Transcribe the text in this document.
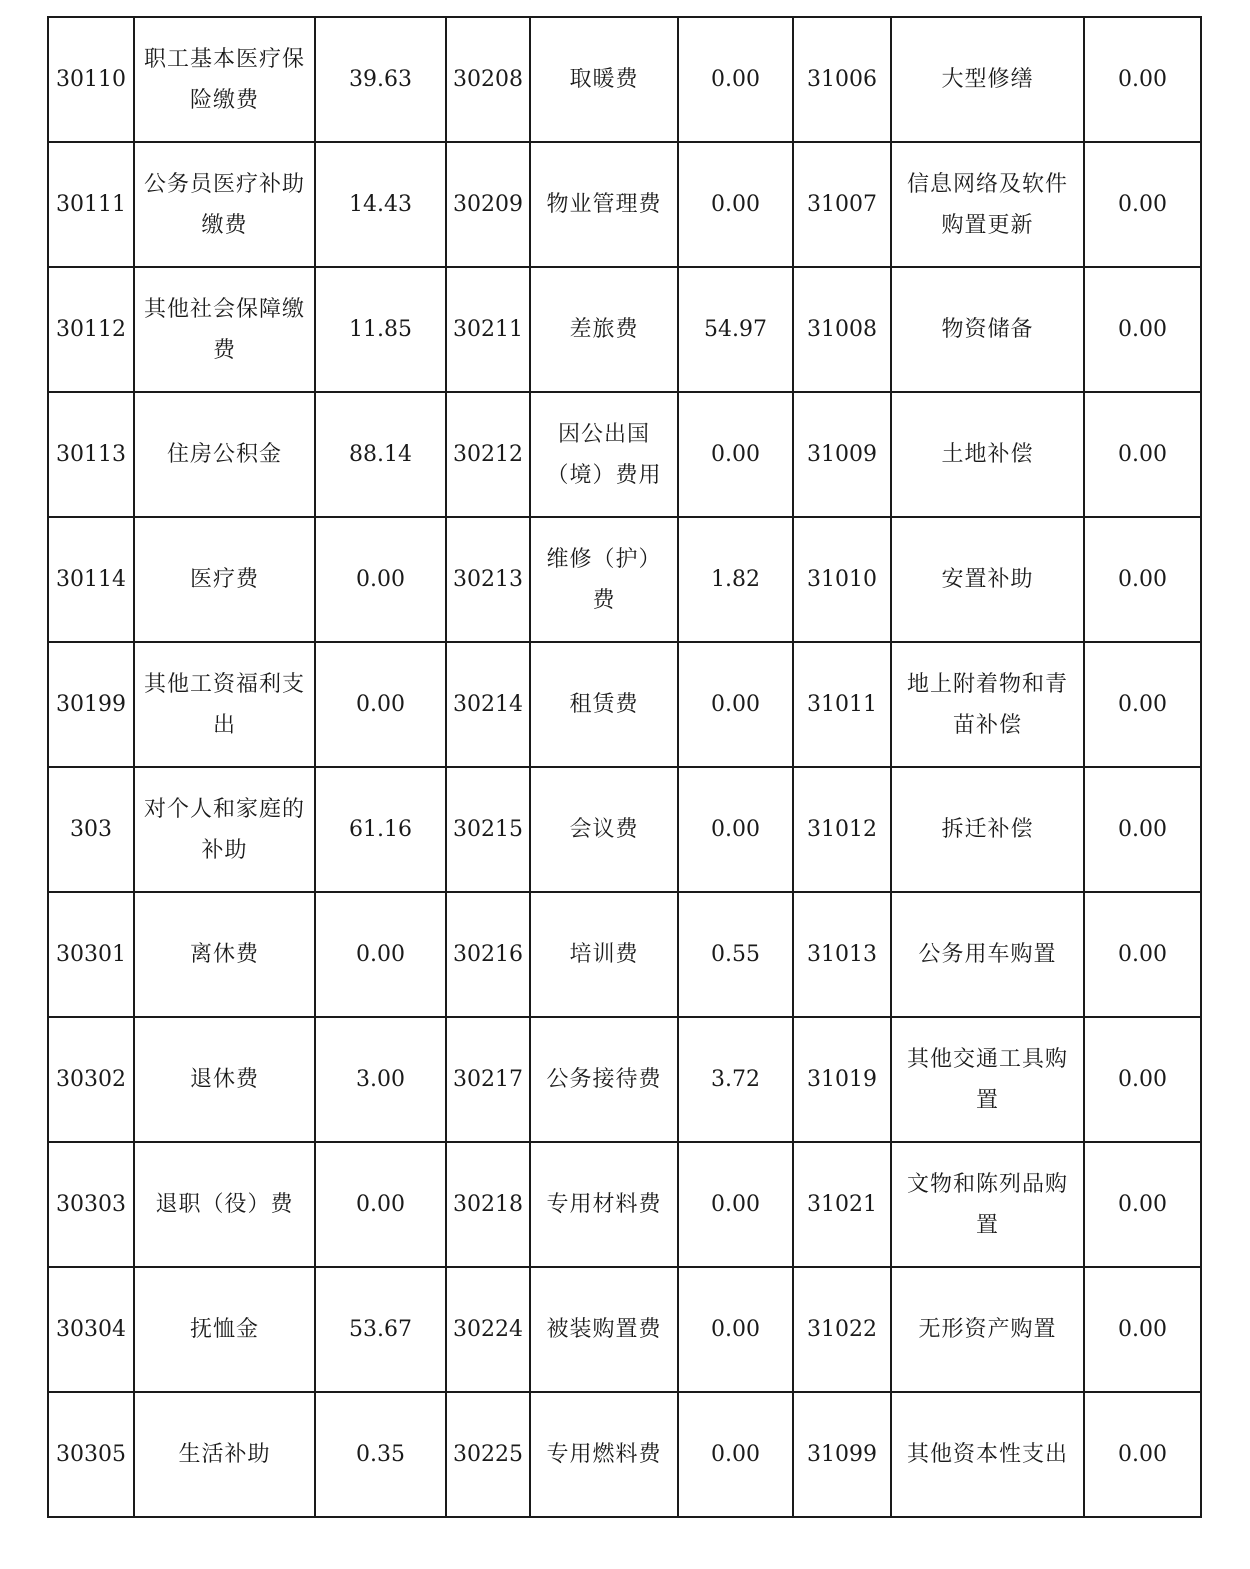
30110	职工基本医疗保险缴费	39.63	30208	取暖费	0.00	31006	大型修缮	0.00
30111	公务员医疗补助缴费	14.43	30209	物业管理费	0.00	31007	信息网络及软件购置更新	0.00
30112	其他社会保障缴费	11.85	30211	差旅费	54.97	31008	物资储备	0.00
30113	住房公积金	88.14	30212	因公出国（境）费用	0.00	31009	土地补偿	0.00
30114	医疗费	0.00	30213	维修（护）费	1.82	31010	安置补助	0.00
30199	其他工资福利支出	0.00	30214	租赁费	0.00	31011	地上附着物和青苗补偿	0.00
303	对个人和家庭的补助	61.16	30215	会议费	0.00	31012	拆迁补偿	0.00
30301	离休费	0.00	30216	培训费	0.55	31013	公务用车购置	0.00
30302	退休费	3.00	30217	公务接待费	3.72	31019	其他交通工具购置	0.00
30303	退职（役）费	0.00	30218	专用材料费	0.00	31021	文物和陈列品购置	0.00
30304	抚恤金	53.67	30224	被装购置费	0.00	31022	无形资产购置	0.00
30305	生活补助	0.35	30225	专用燃料费	0.00	31099	其他资本性支出	0.00
